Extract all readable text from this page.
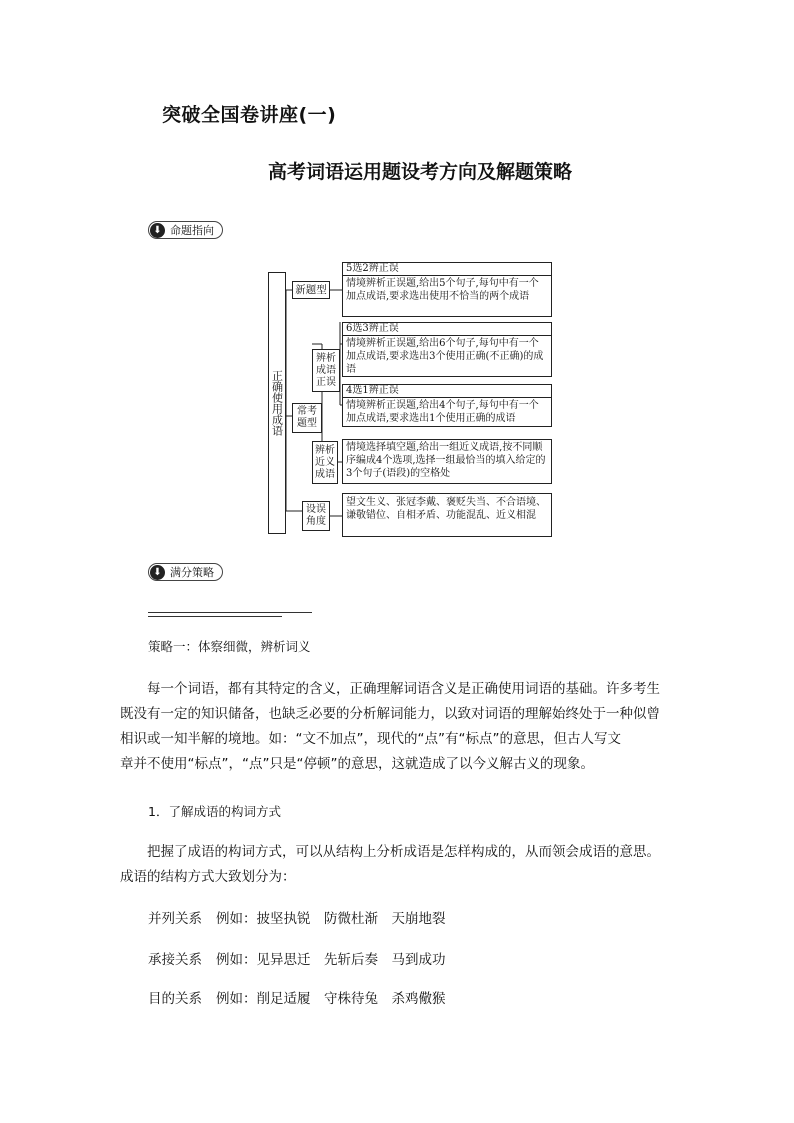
突破全国卷讲座(一)
高考词语运用题设考方向及解题策略
⬇ 命题指向
正确使用成语
新题型
5选2辨正误
情境辨析正误题,给出5个句子,每句中有一个加点成语,要求选出使用不恰当的两个成语
常考题型
辨析成语正误
6选3辨正误
情境辨析正误题,给出6个句子,每句中有一个加点成语,要求选出3个使用正确(不正确)的成语
4选1辨正误
情境辨析正误题,给出4个句子,每句中有一个加点成语,要求选出1个使用正确的成语
辨析近义成语
情境选择填空题,给出一组近义成语,按不同顺序编成4个选项,选择一组最恰当的填入给定的3个句子(语段)的空格处
设误角度
望文生义、张冠李戴、褒贬失当、不合语境、谦敬错位、自相矛盾、功能混乱、近义相混
⬇ 满分策略
策略一：体察细微，辨析词义
每一个词语，都有其特定的含义，正确理解词语含义是正确使用词语的基础。许多考生
既没有一定的知识储备，也缺乏必要的分析解词能力，以致对词语的理解始终处于一种似曾
相识或一知半解的境地。如：“文不加点”，现代的“点”有“标点”的意思，但古人写文
章并不使用“标点”，“点”只是“停顿”的意思，这就造成了以今义解古义的现象。
1．了解成语的构词方式
把握了成语的构词方式，可以从结构上分析成语是怎样构成的，从而领会成语的意思。
成语的结构方式大致划分为：
并列关系 例如：披坚执锐　防微杜渐　天崩地裂
承接关系 例如：见异思迁　先斩后奏　马到成功
目的关系 例如：削足适履　守株待兔　杀鸡儆猴
